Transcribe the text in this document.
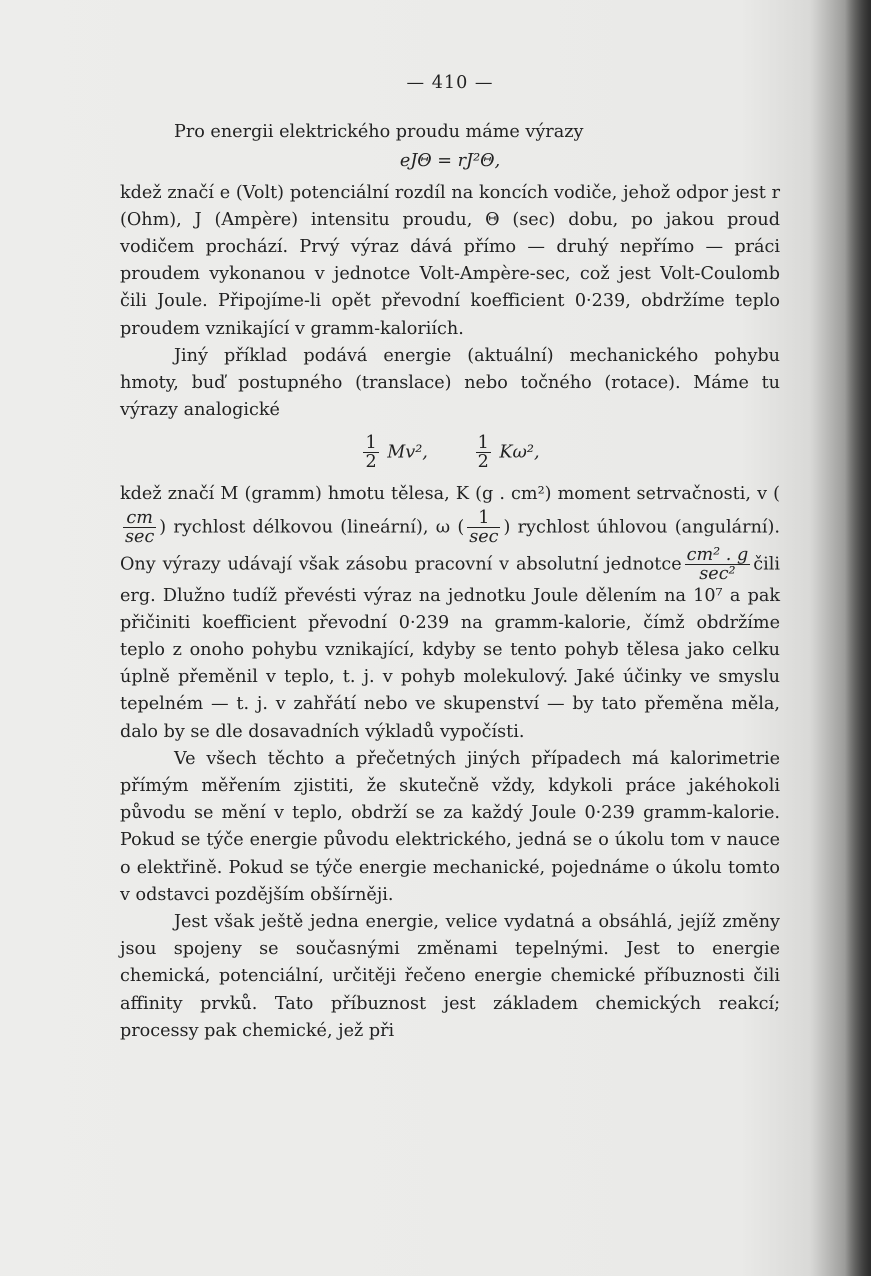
— 410 —

Pro energii elektrického proudu máme výrazy

eJΘ = rJ²Θ,

kdež značí e (Volt) potenciální rozdíl na koncích vodiče, jehož odpor jest r (Ohm), J (Ampère) intensitu proudu, Θ (sec) dobu, po jakou proud vodičem prochází. Prvý výraz dává přímo — druhý nepřímo — práci proudem vykonanou v jednotce Volt-Ampère-sec, což jest Volt-Coulomb čili Joule. Připojíme-li opět převodní koefficient 0·239, obdržíme teplo proudem vznikající v gramm-kaloriích.

Jiný příklad podává energie (aktuální) mechanického pohybu hmoty, buď postupného (translace) nebo točného (rotace). Máme tu výrazy analogické

$\frac{1}{2} Mv^2$,	$\frac{1}{2} K\omega^2$,

kdež značí M (gramm) hmotu tělesa, K (g . cm²) moment setrvačnosti, v (
$\frac{cm}{\sec}$ ) rychlost délkovou (lineární), ω ( $\frac{1}{\sec}$ ) rychlost úhlovou (angulární). Ony výrazy udávají však zásobu pracovní v absolutní jednotce $\frac{\text{cm² . g}}{\text{sec²}}$ čili erg. Dlužno tudíž převésti výraz na jednotku Joule dělením na 10⁷ a pak přičiniti koefficient převodní 0·239 na gramm-kalorie, čímž obdržíme teplo z onoho pohybu vznikající, kdyby se tento pohyb tělesa jako celku úplně přeměnil v teplo, t. j. v pohyb molekulový. Jaké účinky ve smyslu tepelném — t. j. v zahřátí nebo ve skupenství — by tato přeměna měla, dalo by se dle dosavadních výkladů vypočísti.

Ve všech těchto a přečetných jiných případech má kalorimetrie přímým měřením zjistiti, že skutečně vždy, kdykoli práce jakéhokoli původu se mění v teplo, obdrží se za každý Joule 0·239 gramm-kalorie. Pokud se týče energie původu elektrického, jedná se o úkolu tom v nauce o elektřině. Pokud se týče energie mechanické, pojednáme o úkolu tomto v odstavci pozdějším obšírněji.

Jest však ještě jedna energie, velice vydatná a obsáhlá, jejíž změny jsou spojeny se současnými změnami tepelnými. Jest to energie chemická, potenciální, určitěji řečeno energie chemické příbuznosti čili affinity prvků. Tato příbuznost jest základem chemických reakcí; processy pak chemické, jež při
